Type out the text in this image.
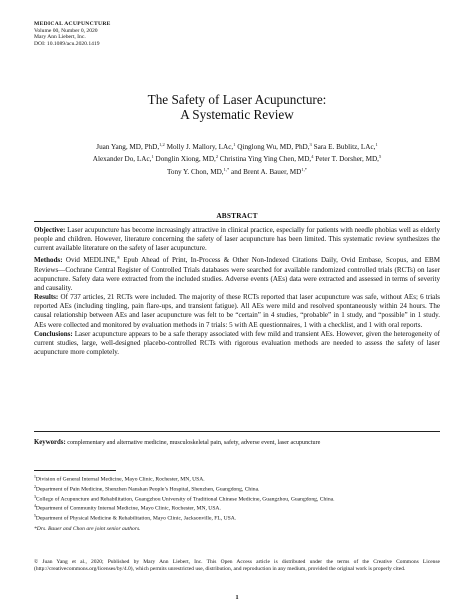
MEDICAL ACUPUNCTURE
Volume 00, Number 0, 2020
Mary Ann Liebert, Inc.
DOI: 10.1089/acu.2020.1419
The Safety of Laser Acupuncture:
A Systematic Review
Juan Yang, MD, PhD,$^{1,2}$ Molly J. Mallory, LAc,$^1$ Qinglong Wu, MD, PhD,$^3$ Sara E. Bublitz, LAc,$^1$
Alexander Do, LAc,$^1$ Donglin Xiong, MD,$^2$ Christina Ying Ying Chen, MD,$^4$ Peter T. Dorsher, MD,$^5$
Tony Y. Chon, MD,$^{1,*}$ and Brent A. Bauer, $MD^{1,*}$
ABSTRACT

Objective: Laser acupuncture has become increasingly attractive in clinical practice, especially for patients with needle phobias well as elderly people and children. However, literature concerning the safety of laser acupuncture has been limited. This systematic review synthesizes the current available literature on the safety of laser acupuncture.

Methods: Ovid MEDLINE,® Epub Ahead of Print, In-Process & Other Non-Indexed Citations Daily, Ovid Embase, Scopus, and EBM Reviews—Cochrane Central Register of Controlled Trials databases were searched for available randomized controlled trials (RCTs) on laser acupuncture. Safety data were extracted from the included studies. Adverse events (AEs) data were extracted and assessed in terms of severity and causality.

Results: Of 737 articles, 21 RCTs were included. The majority of these RCTs reported that laser acupuncture was safe, without AEs; 6 trials reported AEs (including tingling, pain flare-ups, and transient fatigue). All AEs were mild and resolved spontaneously within 24 hours. The causal relationship between AEs and laser acupuncture was felt to be “certain” in 4 studies, “probable” in 1 study, and “possible” in 1 study. AEs were collected and monitored by evaluation methods in 7 trials: 5 with AE questionnaires, 1 with a checklist, and 1 with oral reports.

Conclusions: Laser acupuncture appears to be a safe therapy associated with few mild and transient AEs. However, given the heterogeneity of current studies, large, well-designed placebo-controlled RCTs with rigorous evaluation methods are needed to assess the safety of laser acupuncture more completely.

Keywords: complementary and alternative medicine, musculoskeletal pain, safety, adverse event, laser acupuncture
$^1$Division of General Internal Medicine, Mayo Clinic, Rochester, MN, USA.
$^2$Department of Pain Medicine, Shenzhen Nanshan People’s Hospital, Shenzhen, Guangdong, China.
$^3$College of Acupuncture and Rehabilitation, Guangzhou University of Traditional Chinese Medicine, Guangzhou, Guangdong, China.
$^4$Department of Community Internal Medicine, Mayo Clinic, Rochester, MN, USA.
$^5$Department of Physical Medicine & Rehabilitation, Mayo Clinic, Jacksonville, FL, USA.
*Drs. Bauer and Chon are joint senior authors.
© Juan Yang et al., 2020; Published by Mary Ann Liebert, Inc. This Open Access article is distributed under the terms of the Creative Commons License (http://creativecommons.org/licenses/by/4.0), which permits unrestricted use, distribution, and reproduction in any medium, provided the original work is properly cited.
1
